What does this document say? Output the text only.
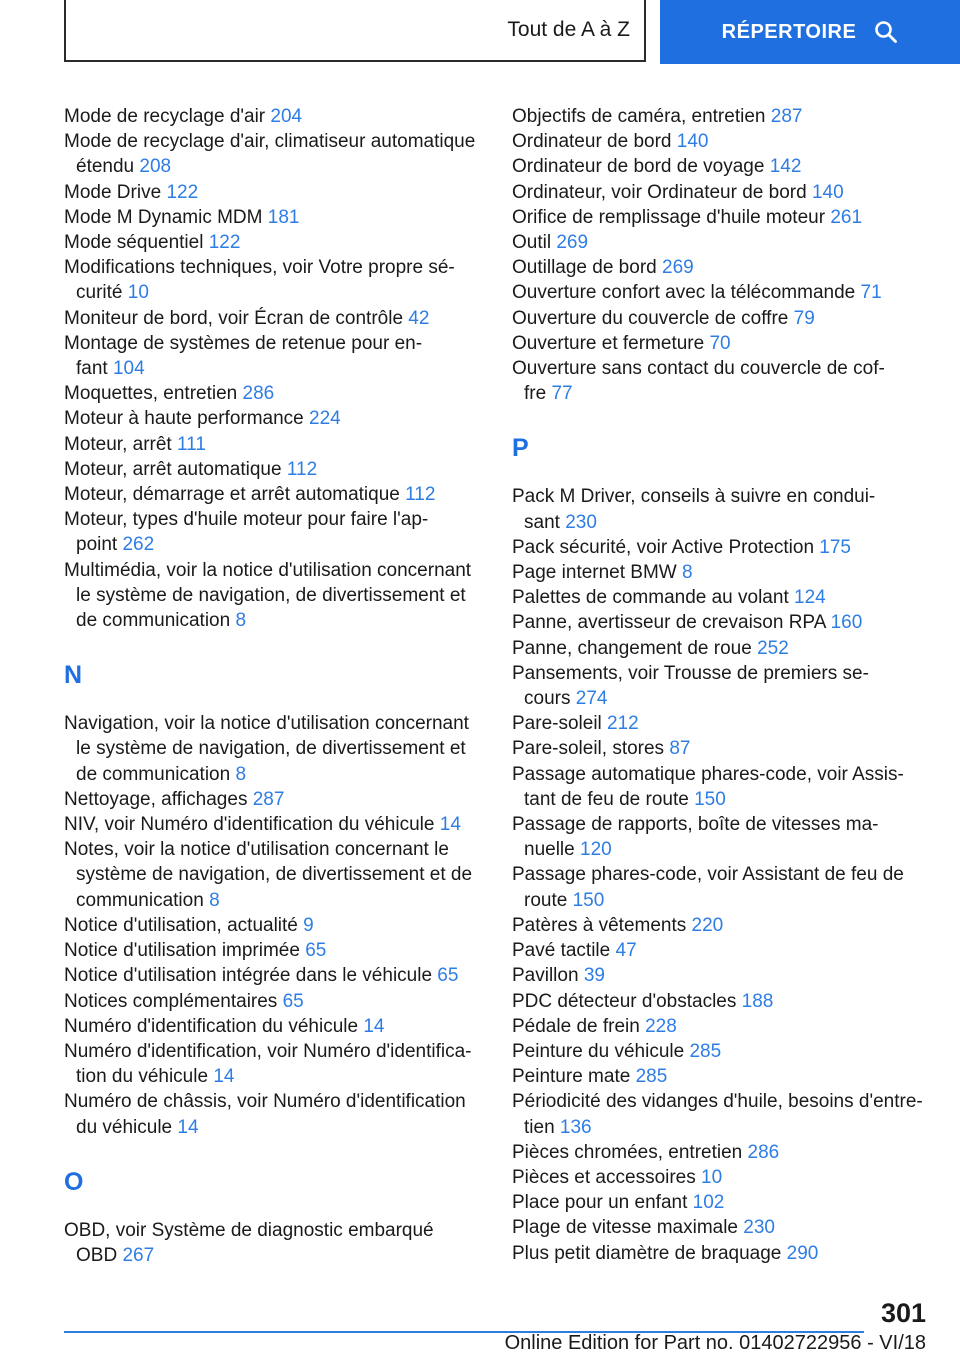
Tout de A à Z	RÉPERTOIRE
Mode de recyclage d'air 204
Mode de recyclage d'air, climatiseur automatique
étendu 208
Mode Drive 122
Mode M Dynamic MDM 181
Mode séquentiel 122
Modifications techniques, voir Votre propre sé‐
curité 10
Moniteur de bord, voir Écran de contrôle 42
Montage de systèmes de retenue pour en‐
fant 104
Moquettes, entretien 286
Moteur à haute performance 224
Moteur, arrêt 111
Moteur, arrêt automatique 112
Moteur, démarrage et arrêt automatique 112
Moteur, types d'huile moteur pour faire l'ap‐
point 262
Multimédia, voir la notice d'utilisation concernant
le système de navigation, de divertissement et
de communication 8
N
Navigation, voir la notice d'utilisation concernant
le système de navigation, de divertissement et
de communication 8
Nettoyage, affichages 287
NIV, voir Numéro d'identification du véhicule 14
Notes, voir la notice d'utilisation concernant le
système de navigation, de divertissement et de
communication 8
Notice d'utilisation, actualité 9
Notice d'utilisation imprimée 65
Notice d'utilisation intégrée dans le véhicule 65
Notices complémentaires 65
Numéro d'identification du véhicule 14
Numéro d'identification, voir Numéro d'identifica‐
tion du véhicule 14
Numéro de châssis, voir Numéro d'identification
du véhicule 14
O
OBD, voir Système de diagnostic embarqué
OBD 267
Objectifs de caméra, entretien 287
Ordinateur de bord 140
Ordinateur de bord de voyage 142
Ordinateur, voir Ordinateur de bord 140
Orifice de remplissage d'huile moteur 261
Outil 269
Outillage de bord 269
Ouverture confort avec la télécommande 71
Ouverture du couvercle de coffre 79
Ouverture et fermeture 70
Ouverture sans contact du couvercle de cof‐
fre 77
P
Pack M Driver, conseils à suivre en condui‐
sant 230
Pack sécurité, voir Active Protection 175
Page internet BMW 8
Palettes de commande au volant 124
Panne, avertisseur de crevaison RPA 160
Panne, changement de roue 252
Pansements, voir Trousse de premiers se‐
cours 274
Pare-soleil 212
Pare-soleil, stores 87
Passage automatique phares-code, voir Assis‐
tant de feu de route 150
Passage de rapports, boîte de vitesses ma‐
nuelle 120
Passage phares-code, voir Assistant de feu de
route 150
Patères à vêtements 220
Pavé tactile 47
Pavillon 39
PDC détecteur d'obstacles 188
Pédale de frein 228
Peinture du véhicule 285
Peinture mate 285
Périodicité des vidanges d'huile, besoins d'entre‐
tien 136
Pièces chromées, entretien 286
Pièces et accessoires 10
Place pour un enfant 102
Plage de vitesse maximale 230
Plus petit diamètre de braquage 290
301
Online Edition for Part no. 01402722956 - VI/18
